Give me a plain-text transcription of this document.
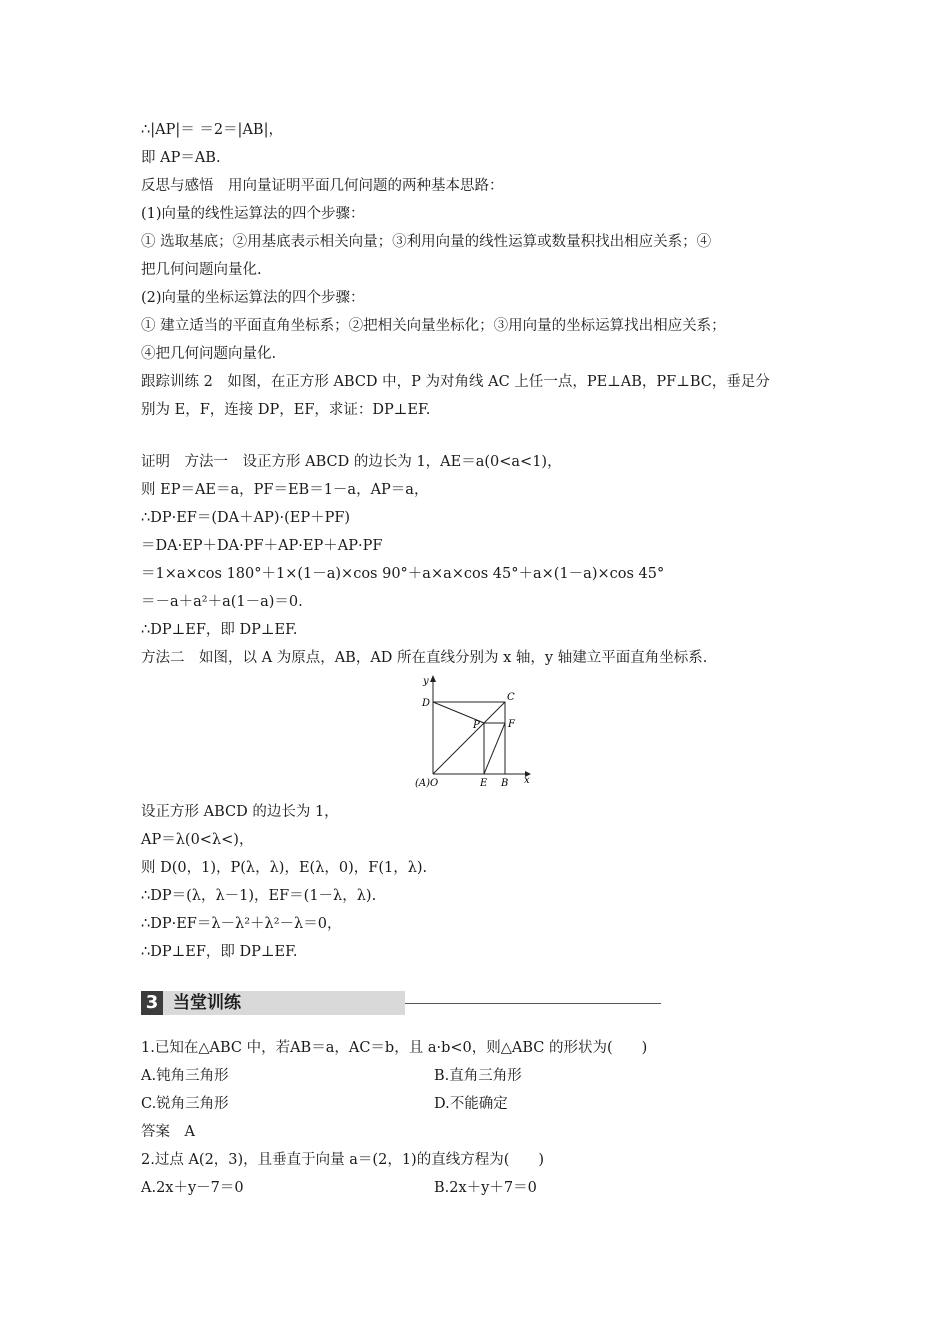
∴|AP|＝ ＝2＝|AB|，
即 AP＝AB.
反思与感悟　用向量证明平面几何问题的两种基本思路：
(1)向量的线性运算法的四个步骤：
① 选取基底；②用基底表示相关向量；③利用向量的线性运算或数量积找出相应关系；④
把几何问题向量化.
(2)向量的坐标运算法的四个步骤：
① 建立适当的平面直角坐标系；②把相关向量坐标化；③用向量的坐标运算找出相应关系；
④把几何问题向量化.
跟踪训练 2　如图，在正方形 ABCD 中，P 为对角线 AC 上任一点，PE⊥AB，PF⊥BC，垂足分
别为 E，F，连接 DP，EF，求证：DP⊥EF.
证明　方法一　设正方形 ABCD 的边长为 1，AE＝a(0<a<1)，
则 EP＝AE＝a，PF＝EB＝1－a，AP＝a，
∴DP·EF＝(DA＋AP)·(EP＋PF)
＝DA·EP＋DA·PF＋AP·EP＋AP·PF
＝1×a×cos 180°＋1×(1－a)×cos 90°＋a×a×cos 45°＋a×(1－a)×cos 45°
＝－a＋a²＋a(1－a)＝0.
∴DP⊥EF，即 DP⊥EF.
方法二　如图，以 A 为原点，AB，AD 所在直线分别为 x 轴，y 轴建立平面直角坐标系.
设正方形 ABCD 的边长为 1，
AP＝λ(0<λ<)，
则 D(0，1)，P(λ，λ)，E(λ，0)，F(1，λ).
∴DP＝(λ，λ－1)，EF＝(1－λ，λ).
∴DP·EF＝λ－λ²＋λ²－λ＝0，
∴DP⊥EF，即 DP⊥EF.
1.已知在△ABC 中，若AB＝a，AC＝b，且 a·b<0，则△ABC 的形状为(　　)
答案　A
2.过点 A(2，3)，且垂直于向量 a＝(2，1)的直线方程为(　　)
3 当堂训练
A.钝角三角形	B.直角三角形
C.锐角三角形	D.不能确定
A.2x＋y－7＝0	B.2x＋y＋7＝0
y
x
(A)O
D
C
P	F
E B
